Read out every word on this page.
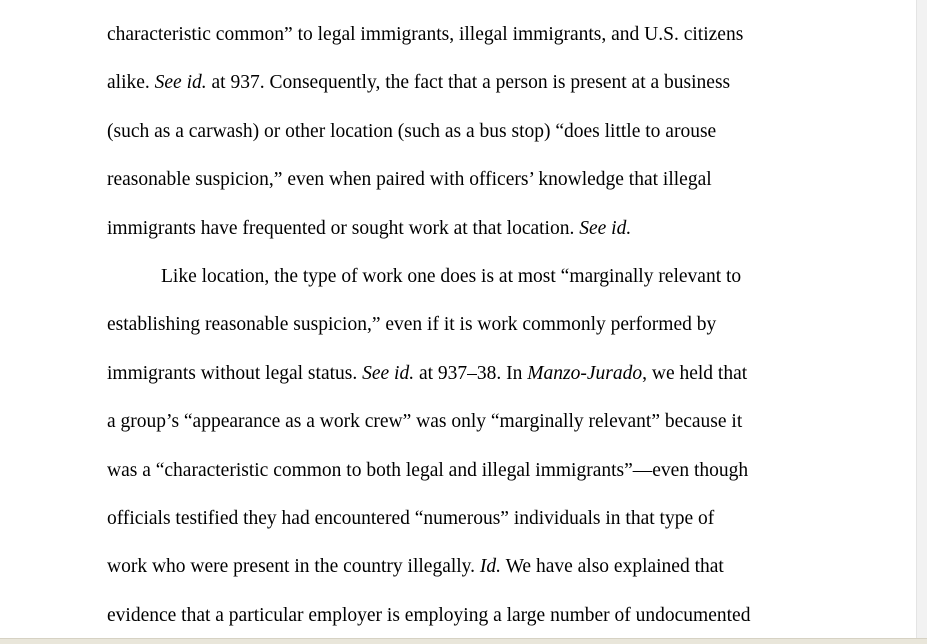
characteristic common” to legal immigrants, illegal immigrants, and U.S. citizens
alike. See id. at 937. Consequently, the fact that a person is present at a business
(such as a carwash) or other location (such as a bus stop) “does little to arouse
reasonable suspicion,” even when paired with officers’ knowledge that illegal
immigrants have frequented or sought work at that location. See id.
Like location, the type of work one does is at most “marginally relevant to
establishing reasonable suspicion,” even if it is work commonly performed by
immigrants without legal status. See id. at 937–38. In Manzo-Jurado, we held that
a group’s “appearance as a work crew” was only “marginally relevant” because it
was a “characteristic common to both legal and illegal immigrants”—even though
officials testified they had encountered “numerous” individuals in that type of
work who were present in the country illegally. Id. We have also explained that
evidence that a particular employer is employing a large number of undocumented
